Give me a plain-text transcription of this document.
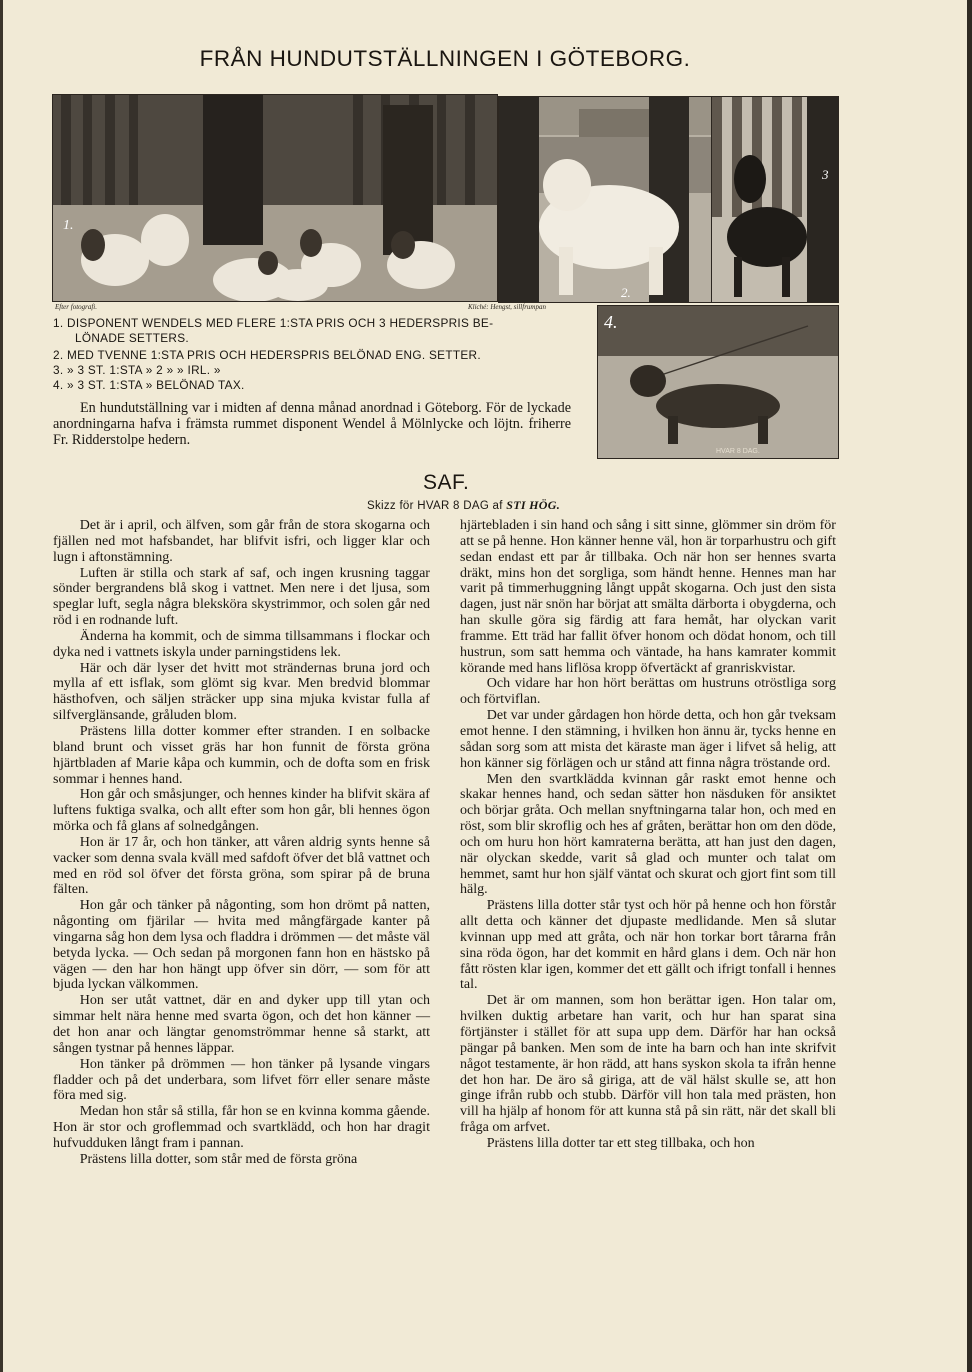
FRÅN HUNDUTSTÄLLNINGEN I GÖTEBORG.
1.
2.
3
4.
HVAR 8 DAG.
Efter fotografi.	Kliché: Hengst, sillfrumpan
1. DISPONENT WENDELS MED FLERE 1:STA PRIS OCH 3 HEDERSPRIS BE-
LÖNADE SETTERS.
2. MED TVENNE 1:STA PRIS OCH HEDERSPRIS BELÖNAD ENG. SETTER.
3. » 3 ST. 1:STA » 2 » » IRL. »
4. » 3 ST. 1:STA » BELÖNAD TAX.

En hundutställning var i midten af denna månad anordnad i Göteborg. För de lyckade anordningarna hafva i främsta rummet disponent Wendel å Mölnlycke och löjtn. friherre Fr. Ridderstolpe hedern.

SAF.
Skizz för HVAR 8 DAG af STI HÖG.

Det är i april, och älfven, som går från de stora skogarna och fjällen ned mot hafsbandet, har blifvit isfri, och ligger klar och lugn i aftonstämning.

Luften är stilla och stark af saf, och ingen krusning taggar sönder bergrandens blå skog i vattnet. Men nere i det ljusa, som speglar luft, segla några bleksköra skystrimmor, och solen går ned röd i en rodnande luft.

Änderna ha kommit, och de simma tillsammans i flockar och dyka ned i vattnets iskyla under parningstidens lek.

Här och där lyser det hvitt mot strändernas bruna jord och mylla af ett isflak, som glömt sig kvar. Men bredvid blommar hästhofven, och säljen sträcker upp sina mjuka kvistar fulla af silfverglänsande, gråluden blom.

Prästens lilla dotter kommer efter stranden. I en solbacke bland brunt och visset gräs har hon funnit de första gröna hjärtbladen af Marie kåpa och kummin, och de dofta som en frisk sommar i hennes hand.

Hon går och småsjunger, och hennes kinder ha blifvit skära af luftens fuktiga svalka, och allt efter som hon går, bli hennes ögon mörka och få glans af solnedgången.

Hon är 17 år, och hon tänker, att våren aldrig synts henne så vacker som denna svala kväll med safdoft öfver det blå vattnet och med en röd sol öfver det första gröna, som spirar på de bruna fälten.

Hon går och tänker på någonting, som hon drömt på natten, någonting om fjärilar — hvita med mångfärgade kanter på vingarna såg hon dem lysa och fladdra i drömmen — det måste väl betyda lycka. — Och sedan på morgonen fann hon en hästsko på vägen — den har hon hängt upp öfver sin dörr, — som för att bjuda lyckan välkommen.

Hon ser utåt vattnet, där en and dyker upp till ytan och simmar helt nära henne med svarta ögon, och det hon känner — det hon anar och längtar genomströmmar henne så starkt, att sången tystnar på hennes läppar.

Hon tänker på drömmen — hon tänker på lysande vingars fladder och på det underbara, som lifvet förr eller senare måste föra med sig.

Medan hon står så stilla, får hon se en kvinna komma gående. Hon är stor och groflemmad och svartklädd, och hon har dragit hufvudduken långt fram i pannan.

Prästens lilla dotter, som står med de första gröna

hjärtebladen i sin hand och sång i sitt sinne, glömmer sin dröm för att se på henne. Hon känner henne väl, hon är torparhustru och gift sedan endast ett par år tillbaka. Och när hon ser hennes svarta dräkt, mins hon det sorgliga, som händt henne. Hennes man har varit på timmerhuggning långt uppåt skogarna. Och just den sista dagen, just när snön har börjat att smälta därborta i obygderna, och han skulle göra sig färdig att fara hemåt, har olyckan varit framme. Ett träd har fallit öfver honom och dödat honom, och till hustrun, som satt hemma och väntade, ha hans kamrater kommit körande med hans liflösa kropp öfvertäckt af granriskvistar.

Och vidare har hon hört berättas om hustruns otröstliga sorg och förtviflan.

Det var under gårdagen hon hörde detta, och hon går tveksam emot henne. I den stämning, i hvilken hon ännu är, tycks henne en sådan sorg som att mista det käraste man äger i lifvet så helig, att hon känner sig förlägen och ur stånd att finna några tröstande ord.

Men den svartklädda kvinnan går raskt emot henne och skakar hennes hand, och sedan sätter hon näsduken för ansiktet och börjar gråta. Och mellan snyftningarna talar hon, och med en röst, som blir skroflig och hes af gråten, berättar hon om den döde, och om huru hon hört kamraterna berätta, att han just den dagen, när olyckan skedde, varit så glad och munter och talat om hemmet, samt hur hon själf väntat och skurat och gjort fint som till hälg.

Prästens lilla dotter står tyst och hör på henne och hon förstår allt detta och känner det djupaste medlidande. Men så slutar kvinnan upp med att gråta, och när hon torkar bort tårarna från sina röda ögon, har det kommit en hård glans i dem. Och när hon fått rösten klar igen, kommer det ett gällt och ifrigt tonfall i hennes tal.

Det är om mannen, som hon berättar igen. Hon talar om, hvilken duktig arbetare han varit, och hur han sparat sina förtjänster i stället för att supa upp dem. Därför har han också pängar på banken. Men som de inte ha barn och han inte skrifvit något testamente, är hon rädd, att hans syskon skola ta ifrån henne det hon har. De äro så giriga, att de väl hälst skulle se, att hon ginge ifrån rubb och stubb. Därför vill hon tala med prästen, hon vill ha hjälp af honom för att kunna stå på sin rätt, när det skall bli fråga om arfvet.

Prästens lilla dotter tar ett steg tillbaka, och hon
